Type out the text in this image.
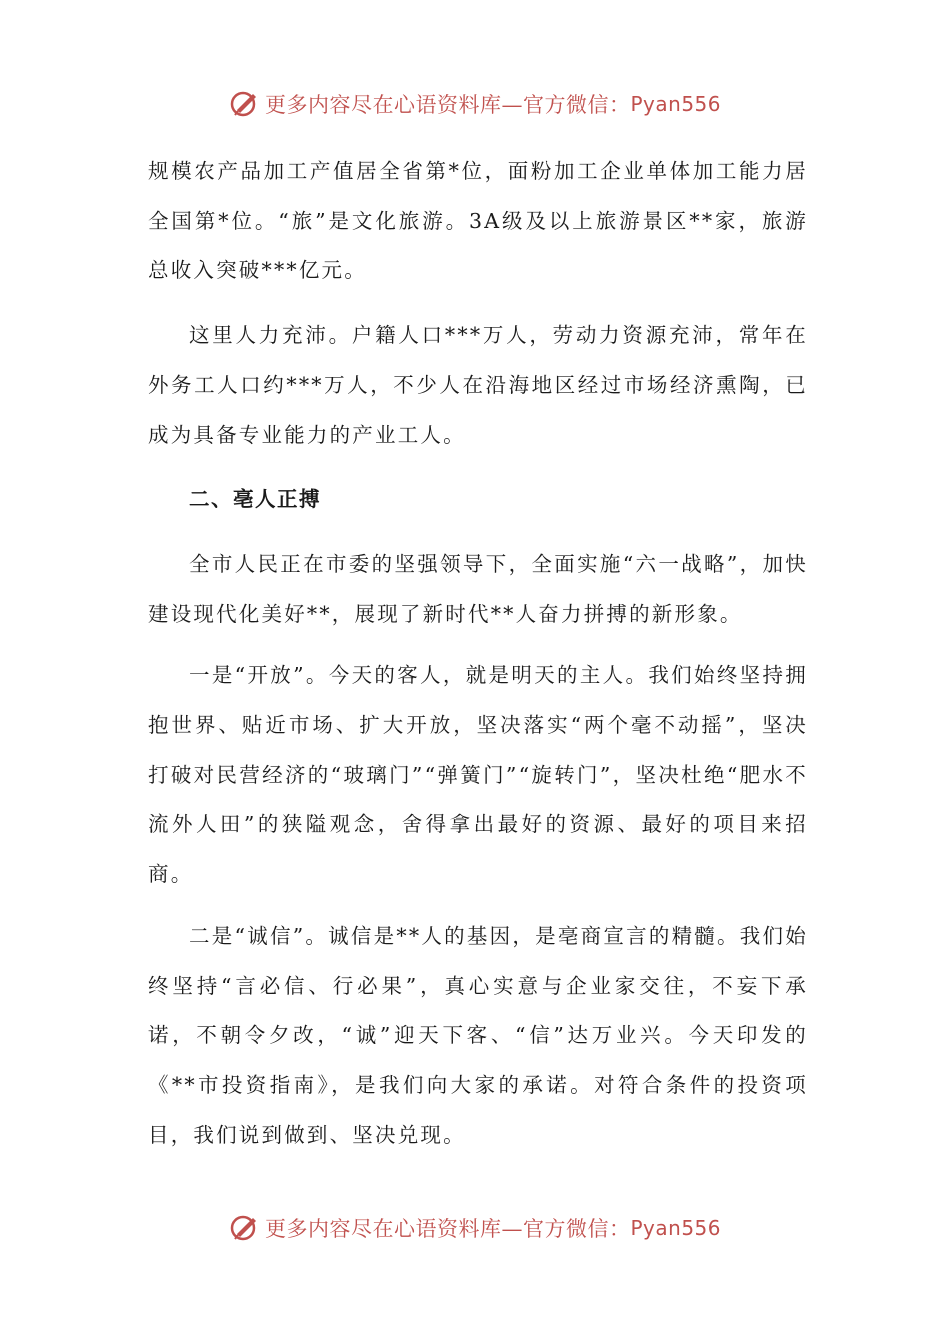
更多内容尽在心语资料库—官方微信： Pyan556

规模农产品加工产值居全省第*位，面粉加工企业单体加工能力居全国第*位。“旅”是文化旅游。3A级及以上旅游景区**家，旅游总收入突破***亿元。

这里人力充沛。户籍人口***万人，劳动力资源充沛，常年在外务工人口约***万人，不少人在沿海地区经过市场经济熏陶，已成为具备专业能力的产业工人。

二、亳人正搏

全市人民正在市委的坚强领导下，全面实施“六一战略”，加快建设现代化美好**，展现了新时代**人奋力拼搏的新形象。

一是“开放”。今天的客人，就是明天的主人。我们始终坚持拥抱世界、贴近市场、扩大开放，坚决落实“两个毫不动摇”，坚决打破对民营经济的“玻璃门”“弹簧门”“旋转门”，坚决杜绝“肥水不流外人田”的狭隘观念，舍得拿出最好的资源、最好的项目来招商。

二是“诚信”。诚信是**人的基因，是亳商宣言的精髓。我们始终坚持“言必信、行必果”，真心实意与企业家交往，不妄下承诺，不朝令夕改，“诚”迎天下客、“信”达万业兴。今天印发的《**市投资指南》，是我们向大家的承诺。对符合条件的投资项目，我们说到做到、坚决兑现。

更多内容尽在心语资料库—官方微信： Pyan556
